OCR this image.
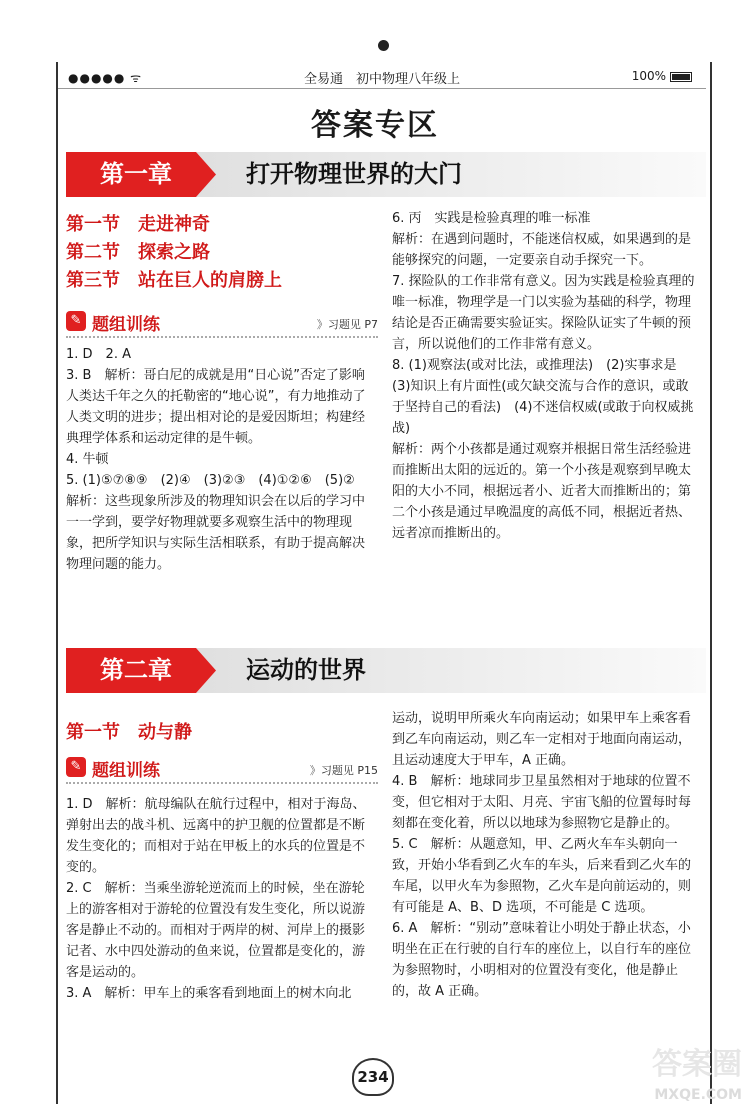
●●●●● ᯤ	全易通　初中物理八年级上	100%
答案专区
第一章	打开物理世界的大门
第一节 走进神奇
第二节 探索之路
第三节 站在巨人的肩膀上
✎ 题组训练	》习题见 P7

1. D　2. A

3. B　解析：哥白尼的成就是用“日心说”否定了影响人类达千年之久的托勒密的“地心说”，有力地推动了人类文明的进步；提出相对论的是爱因斯坦；构建经典理学体系和运动定律的是牛顿。

4. 牛顿

5. (1)⑤⑦⑧⑨　(2)④　(3)②③　(4)①②⑥　(5)②

解析：这些现象所涉及的物理知识会在以后的学习中一一学到，要学好物理就要多观察生活中的物理现象，把所学知识与实际生活相联系，有助于提高解决物理问题的能力。

6. 丙　实践是检验真理的唯一标准

解析：在遇到问题时，不能迷信权威，如果遇到的是能够探究的问题，一定要亲自动手探究一下。

7. 探险队的工作非常有意义。因为实践是检验真理的唯一标准，物理学是一门以实验为基础的科学，物理结论是否正确需要实验证实。探险队证实了牛顿的预言，所以说他们的工作非常有意义。

8. (1)观察法(或对比法，或推理法)　(2)实事求是　(3)知识上有片面性(或欠缺交流与合作的意识，或敢于坚持自己的看法)　(4)不迷信权威(或敢于向权威挑战)

解析：两个小孩都是通过观察并根据日常生活经验进而推断出太阳的远近的。第一个小孩是观察到早晚太阳的大小不同，根据远者小、近者大而推断出的；第二个小孩是通过早晚温度的高低不同，根据近者热、远者凉而推断出的。

第二章	运动的世界
第一节 动与静
✎ 题组训练	》习题见 P15

1. D　解析：航母编队在航行过程中，相对于海岛、弹射出去的战斗机、远离中的护卫舰的位置都是不断发生变化的；而相对于站在甲板上的水兵的位置是不变的。

2. C　解析：当乘坐游轮逆流而上的时候，坐在游轮上的游客相对于游轮的位置没有发生变化，所以说游客是静止不动的。而相对于两岸的树、河岸上的摄影记者、水中四处游动的鱼来说，位置都是变化的，游客是运动的。

3. A　解析：甲车上的乘客看到地面上的树木向北

运动，说明甲所乘火车向南运动；如果甲车上乘客看到乙车向南运动，则乙车一定相对于地面向南运动，且运动速度大于甲车，A 正确。

4. B　解析：地球同步卫星虽然相对于地球的位置不变，但它相对于太阳、月亮、宇宙飞船的位置每时每刻都在变化着，所以以地球为参照物它是静止的。

5. C　解析：从题意知，甲、乙两火车车头朝向一致，开始小华看到乙火车的车头，后来看到乙火车的车尾，以甲火车为参照物，乙火车是向前运动的，则有可能是 A、B、D 选项，不可能是 C 选项。

6. A　解析：“别动”意味着让小明处于静止状态，小明坐在正在行驶的自行车的座位上，以自行车的座位为参照物时，小明相对的位置没有变化，他是静止的，故 A 正确。

234	答案圈
MXQE.COM
